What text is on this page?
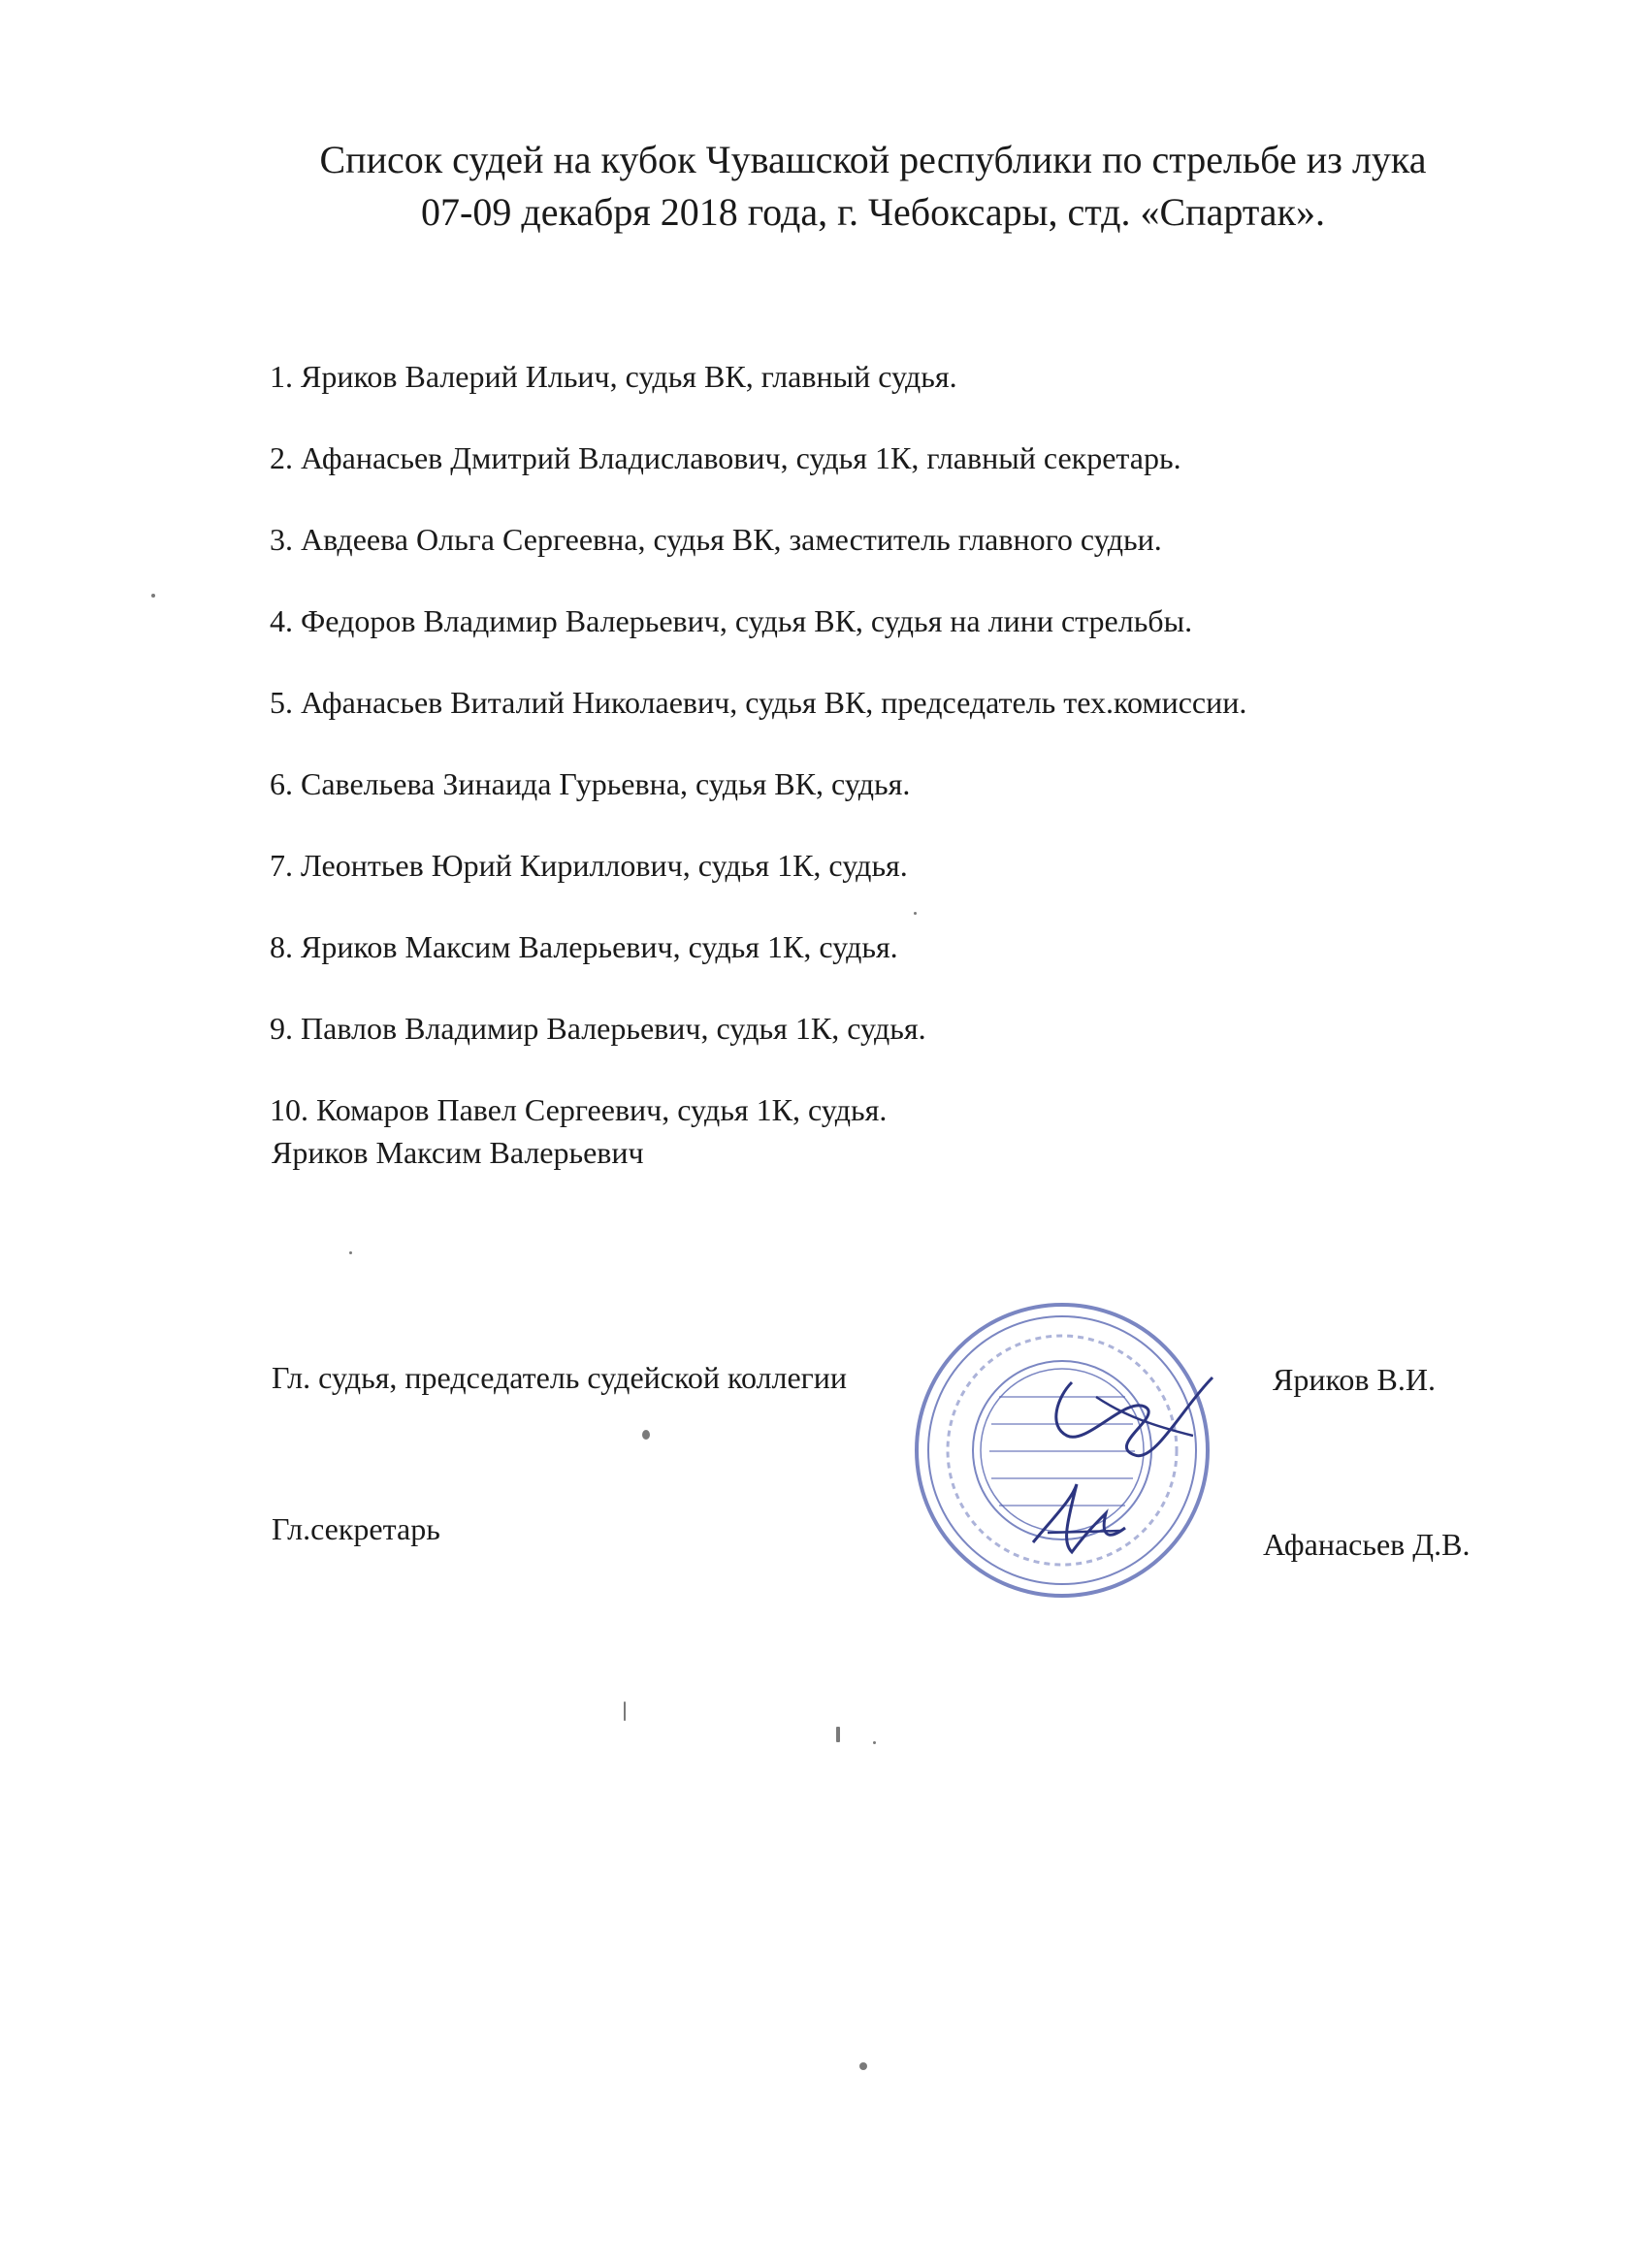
Список судей на кубок Чувашской республики по стрельбе из лука
07-09 декабря 2018 года, г. Чебоксары, стд. «Спартак».
1. Яриков Валерий Ильич, судья ВК, главный судья.
2. Афанасьев Дмитрий Владиславович, судья 1К, главный секретарь.
3. Авдеева Ольга Сергеевна, судья ВК, заместитель главного судьи.
4. Федоров Владимир Валерьевич, судья ВК, судья на лини стрельбы.
5. Афанасьев Виталий Николаевич, судья ВК, председатель тех.комиссии.
6. Савельева Зинаида Гурьевна, судья ВК, судья.
7. Леонтьев Юрий Кириллович, судья 1К, судья.
8. Яриков Максим Валерьевич, судья 1К, судья.
9. Павлов Владимир Валерьевич, судья 1К, судья.
10. Комаров Павел Сергеевич, судья 1К, судья.
Яриков Максим Валерьевич
Гл. судья, председатель судейской коллегии	Яриков В.И.
Гл.секретарь	Афанасьев Д.В.
